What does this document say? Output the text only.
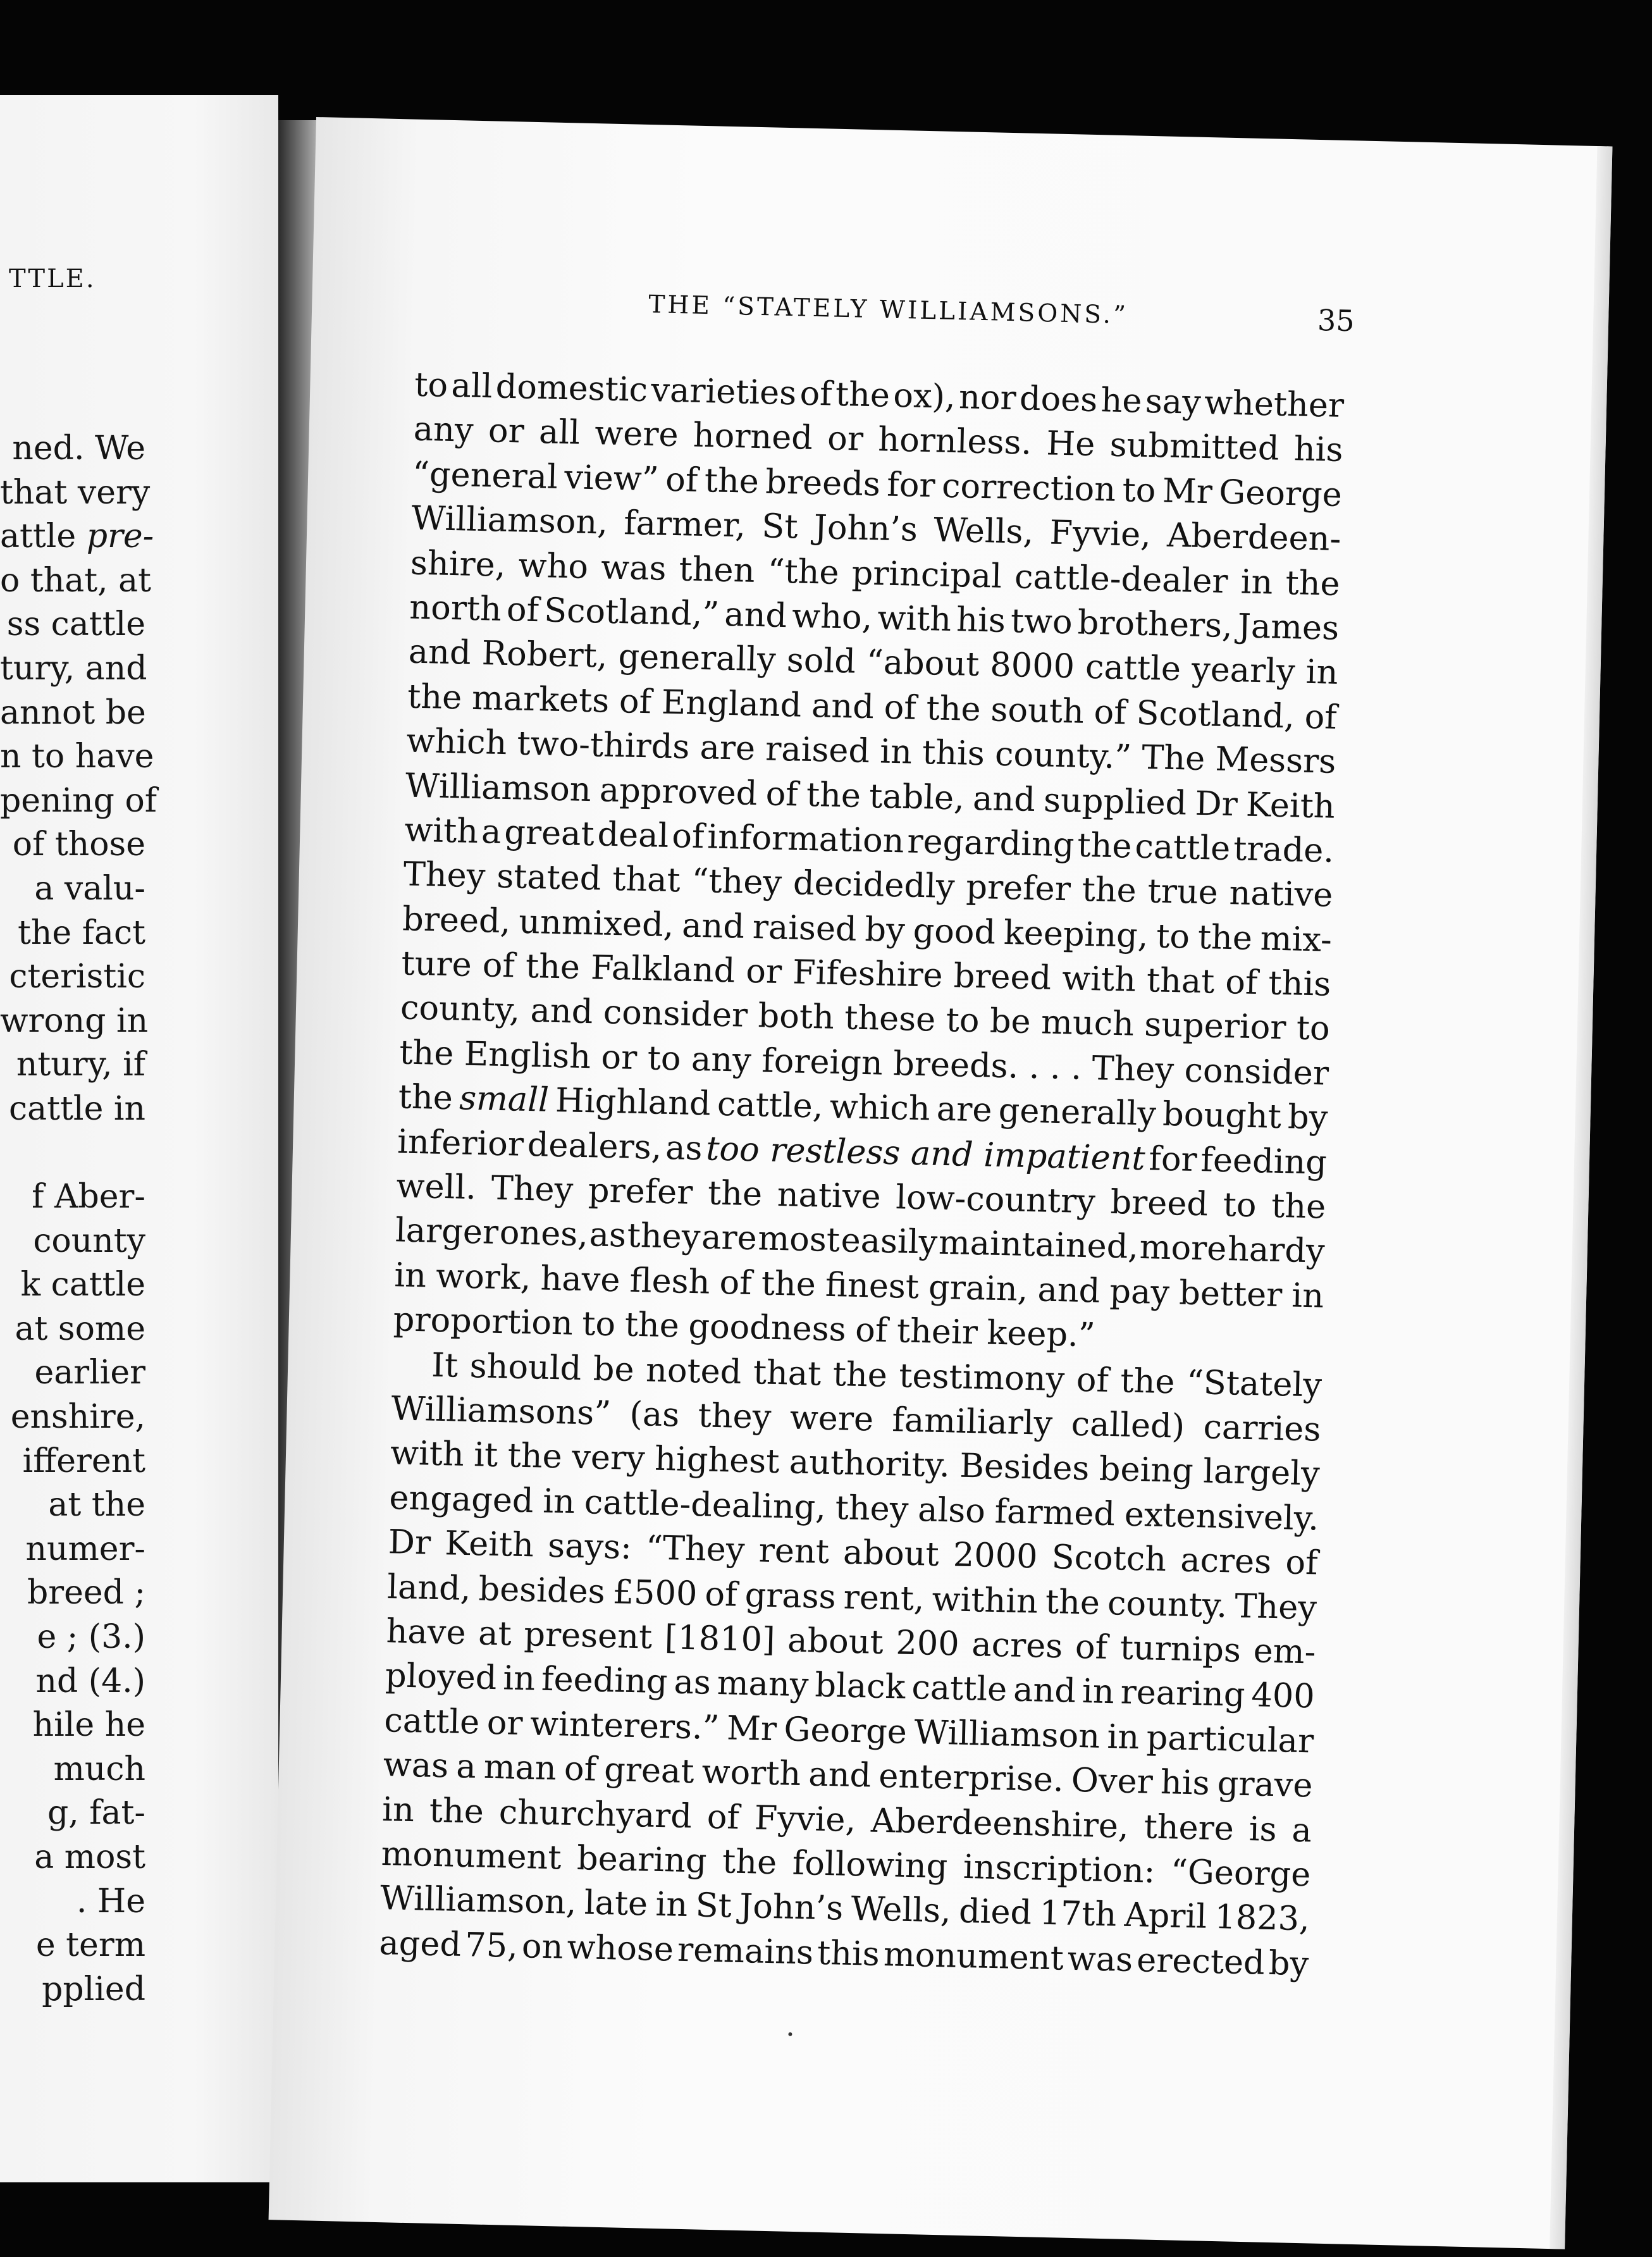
TTLE.
ned. We
that very
attle pre-
o that, at
ss cattle
tury, and
annot be
n to have
pening of
of those
a valu-
the fact
cteristic
wrong in
ntury, if
cattle in
f Aber-
county
k cattle
at some
earlier
enshire,
ifferent
at the
numer-
breed ;
e ; (3.)
nd (4.)
hile he
much
g, fat-
a most
. He
e term
pplied
THE “STATELY WILLIAMSONS.”	35
to all domestic varieties of the ox), nor does he say whether
any or all were horned or hornless. He submitted his
“general view” of the breeds for correction to Mr George
Williamson, farmer, St John’s Wells, Fyvie, Aberdeen-
shire, who was then “the principal cattle-dealer in the
north of Scotland,” and who, with his two brothers, James
and Robert, generally sold “about 8000 cattle yearly in
the markets of England and of the south of Scotland, of
which two-thirds are raised in this county.” The Messrs
Williamson approved of the table, and supplied Dr Keith
with a great deal of information regarding the cattle trade.
They stated that “they decidedly prefer the true native
breed, unmixed, and raised by good keeping, to the mix-
ture of the Falkland or Fifeshire breed with that of this
county, and consider both these to be much superior to
the English or to any foreign breeds. . . . They consider
the small Highland cattle, which are generally bought by
inferior dealers, as too restless and impatient for feeding
well. They prefer the native low-country breed to the
larger ones, as they are most easily maintained, more hardy
in work, have flesh of the finest grain, and pay better in
proportion to the goodness of their keep.”
It should be noted that the testimony of the “Stately
Williamsons” (as they were familiarly called) carries
with it the very highest authority. Besides being largely
engaged in cattle-dealing, they also farmed extensively.
Dr Keith says: “They rent about 2000 Scotch acres of
land, besides £500 of grass rent, within the county. They
have at present [1810] about 200 acres of turnips em-
ployed in feeding as many black cattle and in rearing 400
cattle or winterers.” Mr George Williamson in particular
was a man of great worth and enterprise. Over his grave
in the churchyard of Fyvie, Aberdeenshire, there is a
monument bearing the following inscription: “George
Williamson, late in St John’s Wells, died 17th April 1823,
aged 75, on whose remains this monument was erected by
